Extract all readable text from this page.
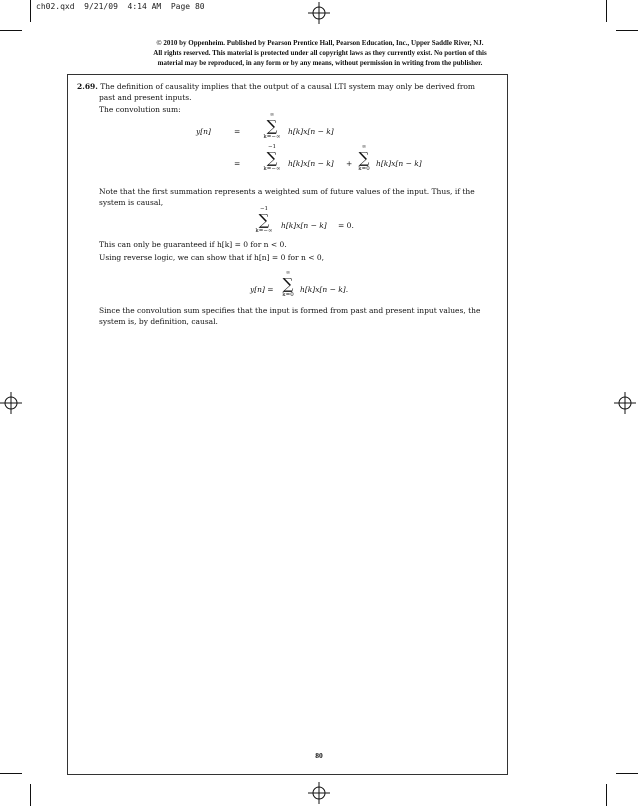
ch02.qxd  9/21/09  4:14 AM  Page 80
© 2010 by Oppenheim. Published by Pearson Prentice Hall, Pearson Education, Inc., Upper Saddle River, NJ.
All rights reserved. This material is protected under all copyright laws as they currently exist. No portion of this
material may be reproduced, in any form or by any means, without permission in writing from the publisher.

2.69. The definition of causality implies that the output of a causal LTI system may only be derived from

past and present inputs.

The convolution sum:

y[n]	=
∞
∑
k=−∞
h[k]x[n − k]
=
−1
∑
k=−∞
h[k]x[n − k] +
∞
∑
k=0
h[k]x[n − k]

Note that the first summation represents a weighted sum of future values of the input. Thus, if the

system is causal,

−1
∑
k=−∞
h[k]x[n − k] = 0.

This can only be guaranteed if h[k] = 0 for n < 0.

Using reverse logic, we can show that if h[n] = 0 for n < 0,

y[n] =
∞
∑
k=0
h[k]x[n − k].

Since the convolution sum specifies that the input is formed from past and present input values, the

system is, by definition, causal.

80
